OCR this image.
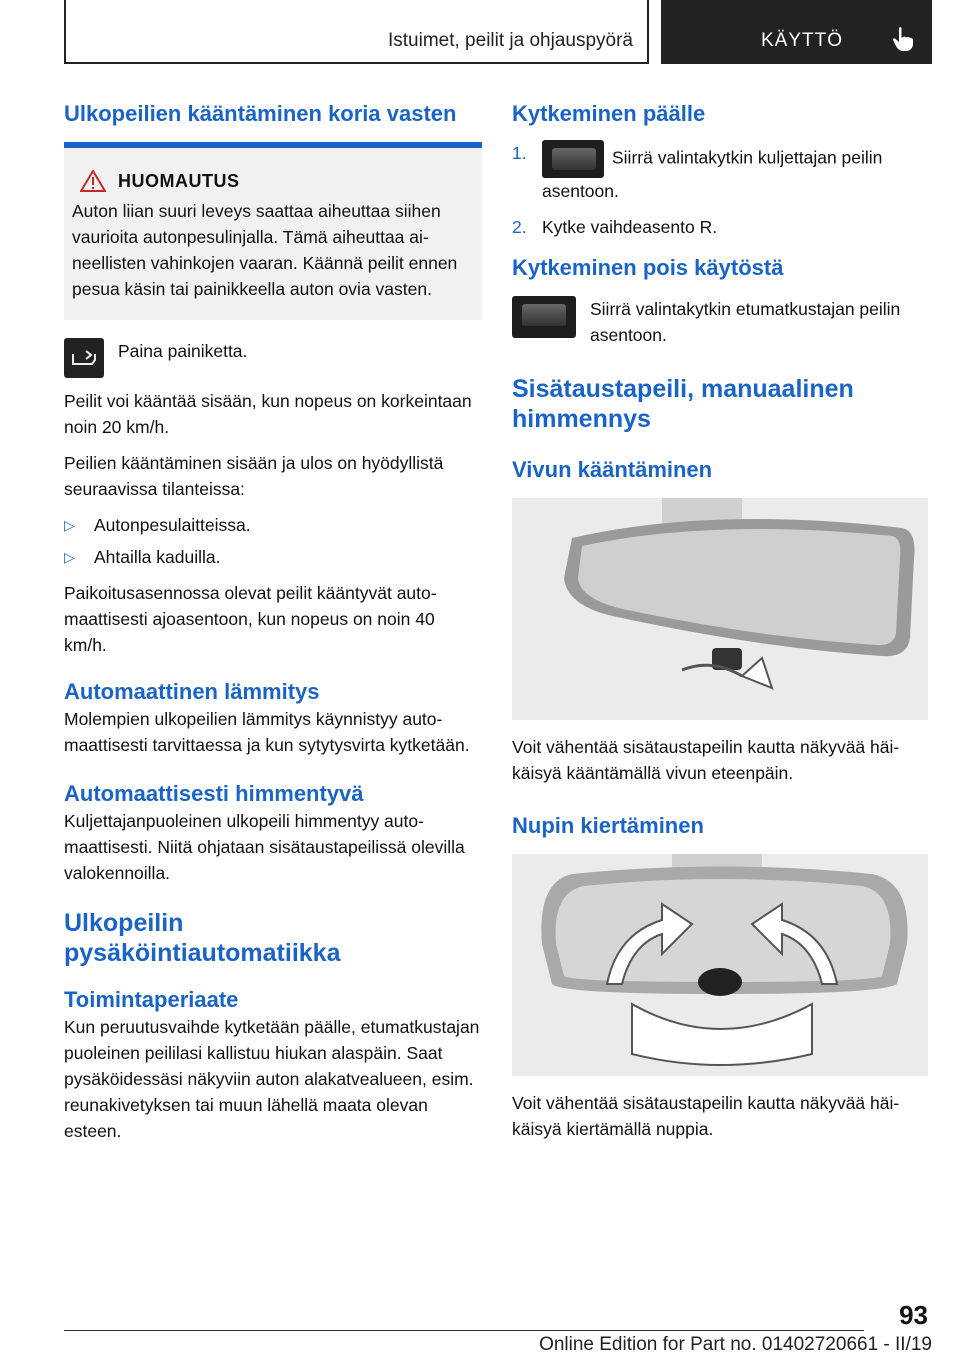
Istuimet, peilit ja ohjauspyörä	KÄYTTÖ
Ulkopeilien kääntäminen koria vasten
HUOMAUTUS
Auton liian suuri leveys saattaa aiheuttaa siihen vaurioita autonpesulinjalla. Tämä aiheuttaa aineellisten vahinkojen vaaran. Käännä peilit ennen pesua käsin tai painikkeella auton ovia vasten.

Paina painiketta.

Peilit voi kääntää sisään, kun nopeus on korkeintaan noin 20 km/h.

Peilien kääntäminen sisään ja ulos on hyödyllistä seuraavissa tilanteissa:

▷ Autonpesulaitteissa.
▷ Ahtailla kaduilla.

Paikoitusasennossa olevat peilit kääntyvät automaattisesti ajoasentoon, kun nopeus on noin 40 km/h.

Automaattinen lämmitys

Molempien ulkopeilien lämmitys käynnistyy automaattisesti tarvittaessa ja kun sytytysvirta kytketään.

Automaattisesti himmentyvä

Kuljettajanpuoleinen ulkopeili himmentyy automaattisesti. Niitä ohjataan sisätaustapeilissä olevilla valokennoilla.

Ulkopeilin pysäköintiautomatiikka
Toimintaperiaate

Kun peruutusvaihde kytketään päälle, etumatkustajan puoleinen peililasi kallistuu hiukan alaspäin. Saat pysäköidessäsi näkyviin auton alakatvealueen, esim. reunakivetyksen tai muun lähellä maata olevan esteen.

Kytkeminen päälle
1.	Siirrä valintakytkin kuljettajan peilin asentoon.
2. Kytke vaihdeasento R.
Kytkeminen pois käytöstä

Siirrä valintakytkin etumatkustajan peilin asentoon.

Sisätaustapeili, manuaalinen himmennys
Vivun kääntäminen

Voit vähentää sisätaustapeilin kautta näkyvää häikäisyä kääntämällä vivun eteenpäin.

Nupin kiertäminen

Voit vähentää sisätaustapeilin kautta näkyvää häikäisyä kiertämällä nuppia.

93
Online Edition for Part no. 01402720661 - II/19
